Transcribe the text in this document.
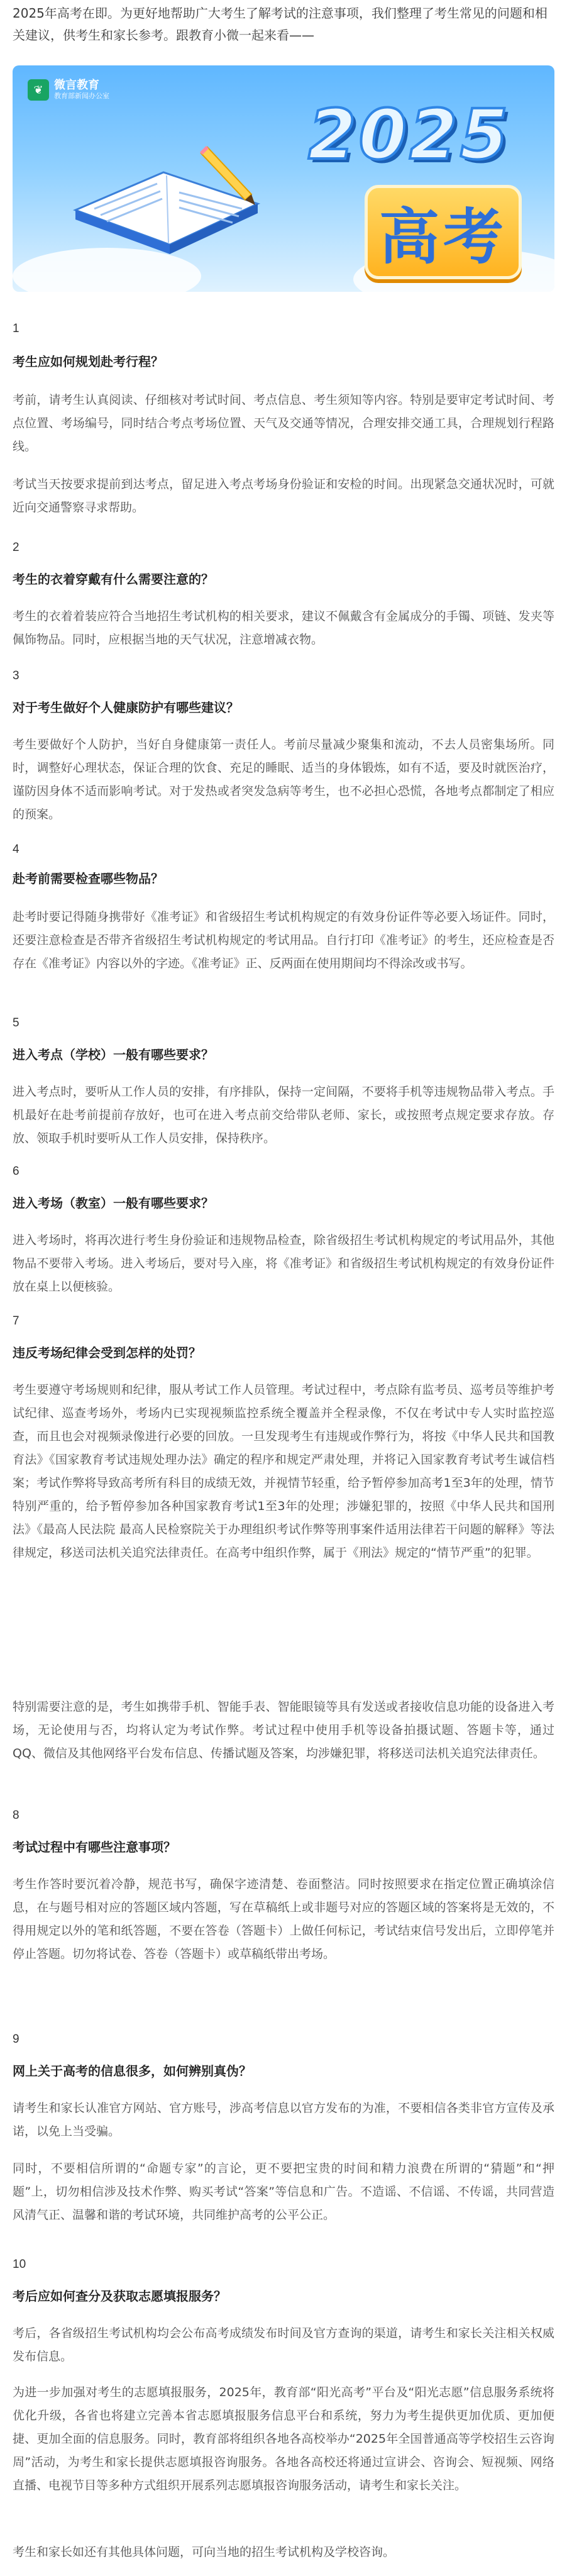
2025年高考在即。为更好地帮助广大考生了解考试的注意事项，我们整理了考生常见的问题和相关建议，供考生和家长参考。跟教育小微一起来看——
❦ 微言教育
教育部新闻办公室	2025
高考
1
考生应如何规划赴考行程？
考前，请考生认真阅读、仔细核对考试时间、考点信息、考生须知等内容。特别是要审定考试时间、考点位置、考场编号，同时结合考点考场位置、天气及交通等情况，合理安排交通工具，合理规划行程路线。
考试当天按要求提前到达考点，留足进入考点考场身份验证和安检的时间。出现紧急交通状况时，可就近向交通警察寻求帮助。
2
考生的衣着穿戴有什么需要注意的？
考生的衣着着装应符合当地招生考试机构的相关要求，建议不佩戴含有金属成分的手镯、项链、发夹等佩饰物品。同时，应根据当地的天气状况，注意增减衣物。
3
对于考生做好个人健康防护有哪些建议？
考生要做好个人防护，当好自身健康第一责任人。考前尽量减少聚集和流动，不去人员密集场所。同时，调整好心理状态，保证合理的饮食、充足的睡眠、适当的身体锻炼，如有不适，要及时就医治疗，谨防因身体不适而影响考试。对于发热或者突发急病等考生，也不必担心恐慌，各地考点都制定了相应的预案。
4
赴考前需要检查哪些物品？
赴考时要记得随身携带好《准考证》和省级招生考试机构规定的有效身份证件等必要入场证件。同时，还要注意检查是否带齐省级招生考试机构规定的考试用品。自行打印《准考证》的考生，还应检查是否存在《准考证》内容以外的字迹。《准考证》正、反两面在使用期间均不得涂改或书写。
5
进入考点（学校）一般有哪些要求？
进入考点时，要听从工作人员的安排，有序排队，保持一定间隔，不要将手机等违规物品带入考点。手机最好在赴考前提前存放好，也可在进入考点前交给带队老师、家长，或按照考点规定要求存放。存放、领取手机时要听从工作人员安排，保持秩序。
6
进入考场（教室）一般有哪些要求？
进入考场时，将再次进行考生身份验证和违规物品检查，除省级招生考试机构规定的考试用品外，其他物品不要带入考场。进入考场后，要对号入座，将《准考证》和省级招生考试机构规定的有效身份证件放在桌上以便核验。
7
违反考场纪律会受到怎样的处罚？
考生要遵守考场规则和纪律，服从考试工作人员管理。考试过程中，考点除有监考员、巡考员等维护考试纪律、巡查考场外，考场内已实现视频监控系统全覆盖并全程录像，不仅在考试中专人实时监控巡查，而且也会对视频录像进行必要的回放。一旦发现考生有违规或作弊行为，将按《中华人民共和国教育法》《国家教育考试违规处理办法》确定的程序和规定严肃处理，并将记入国家教育考试考生诚信档案；考试作弊将导致高考所有科目的成绩无效，并视情节轻重，给予暂停参加高考1至3年的处理，情节特别严重的，给予暂停参加各种国家教育考试1至3年的处理；涉嫌犯罪的，按照《中华人民共和国刑法》《最高人民法院 最高人民检察院关于办理组织考试作弊等刑事案件适用法律若干问题的解释》等法律规定，移送司法机关追究法律责任。在高考中组织作弊，属于《刑法》规定的“情节严重”的犯罪。
特别需要注意的是，考生如携带手机、智能手表、智能眼镜等具有发送或者接收信息功能的设备进入考场，无论使用与否，均将认定为考试作弊。考试过程中使用手机等设备拍摄试题、答题卡等，通过QQ、微信及其他网络平台发布信息、传播试题及答案，均涉嫌犯罪，将移送司法机关追究法律责任。
8
考试过程中有哪些注意事项？
考生作答时要沉着冷静，规范书写，确保字迹清楚、卷面整洁。同时按照要求在指定位置正确填涂信息，在与题号相对应的答题区域内答题，写在草稿纸上或非题号对应的答题区域的答案将是无效的，不得用规定以外的笔和纸答题，不要在答卷（答题卡）上做任何标记，考试结束信号发出后，立即停笔并停止答题。切勿将试卷、答卷（答题卡）或草稿纸带出考场。
9
网上关于高考的信息很多，如何辨别真伪？
请考生和家长认准官方网站、官方账号，涉高考信息以官方发布的为准，不要相信各类非官方宣传及承诺，以免上当受骗。
同时，不要相信所谓的“命题专家”的言论，更不要把宝贵的时间和精力浪费在所谓的“猜题”和“押题”上，切勿相信涉及技术作弊、购买考试“答案”等信息和广告。不造谣、不信谣、不传谣，共同营造风清气正、温馨和谐的考试环境，共同维护高考的公平公正。
10
考后应如何查分及获取志愿填报服务？
考后，各省级招生考试机构均会公布高考成绩发布时间及官方查询的渠道，请考生和家长关注相关权威发布信息。
为进一步加强对考生的志愿填报服务，2025年，教育部“阳光高考”平台及“阳光志愿”信息服务系统将优化升级，各省也将建立完善本省志愿填报服务信息平台和系统，努力为考生提供更加优质、更加便捷、更加全面的信息服务。同时，教育部将组织各地各高校举办“2025年全国普通高等学校招生云咨询周”活动，为考生和家长提供志愿填报咨询服务。各地各高校还将通过宣讲会、咨询会、短视频、网络直播、电视节目等多种方式组织开展系列志愿填报咨询服务活动，请考生和家长关注。
考生和家长如还有其他具体问题，可向当地的招生考试机构及学校咨询。
